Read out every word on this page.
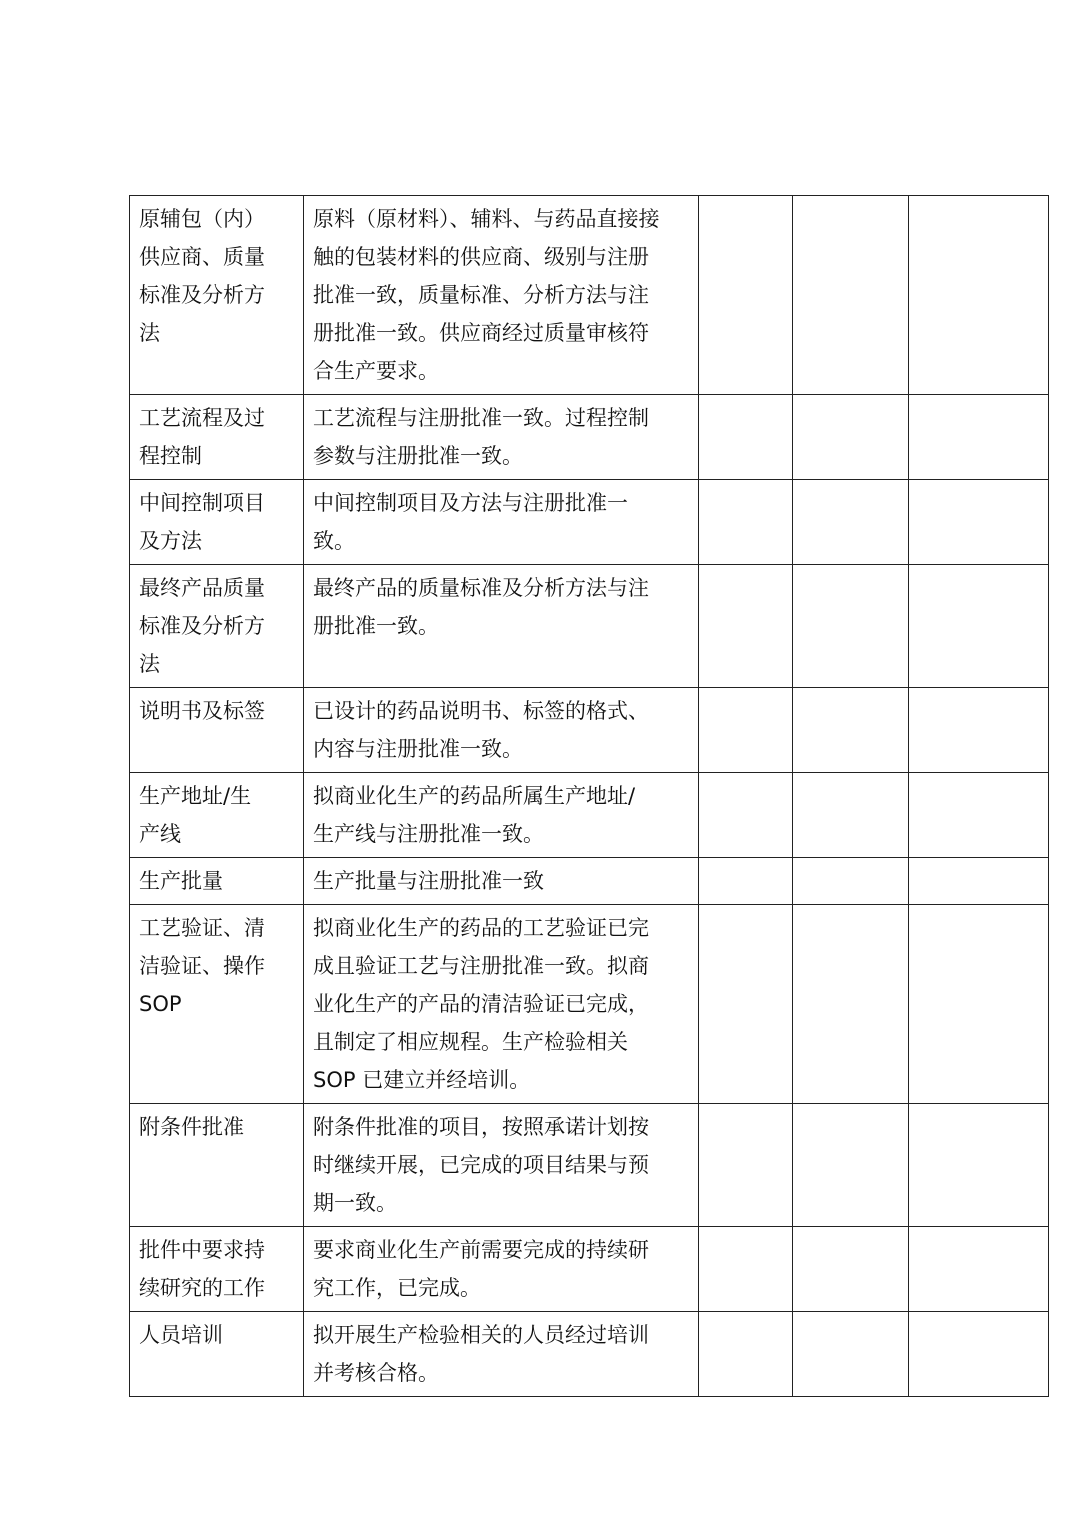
原辅包（内）
供应商、质量
标准及分析方
法	原料（原材料）、辅料、与药品直接接
触的包装材料的供应商、级别与注册
批准一致，质量标准、分析方法与注
册批准一致。供应商经过质量审核符
合生产要求。			

工艺流程及过
程控制	工艺流程与注册批准一致。过程控制
参数与注册批准一致。			

中间控制项目
及方法	中间控制项目及方法与注册批准一
致。			

最终产品质量
标准及分析方
法	最终产品的质量标准及分析方法与注
册批准一致。			

说明书及标签	已设计的药品说明书、标签的格式、
内容与注册批准一致。			

生产地址/生
产线	拟商业化生产的药品所属生产地址/
生产线与注册批准一致。			

生产批量	生产批量与注册批准一致			

工艺验证、清
洁验证、操作
SOP	拟商业化生产的药品的工艺验证已完
成且验证工艺与注册批准一致。拟商
业化生产的产品的清洁验证已完成，
且制定了相应规程。生产检验相关
SOP 已建立并经培训。			

附条件批准	附条件批准的项目，按照承诺计划按
时继续开展，已完成的项目结果与预
期一致。			

批件中要求持
续研究的工作	要求商业化生产前需要完成的持续研
究工作，已完成。			

人员培训	拟开展生产检验相关的人员经过培训
并考核合格。			
